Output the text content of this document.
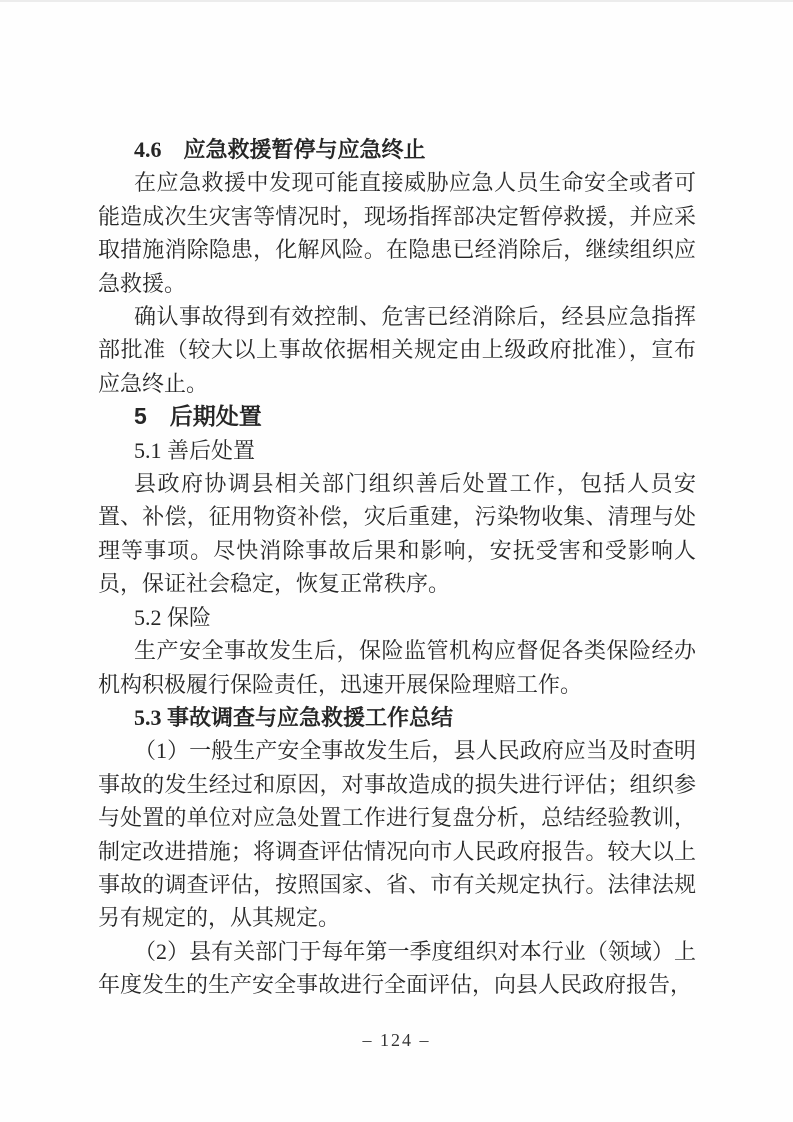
4.6　应急救援暂停与应急终止

在应急救援中发现可能直接威胁应急人员生命安全或者可能造成次生灾害等情况时，现场指挥部决定暂停救援，并应采取措施消除隐患，化解风险。在隐患已经消除后，继续组织应急救援。

确认事故得到有效控制、危害已经消除后，经县应急指挥部批准（较大以上事故依据相关规定由上级政府批准），宣布应急终止。

5　后期处置

5.1 善后处置

县政府协调县相关部门组织善后处置工作，包括人员安置、补偿，征用物资补偿，灾后重建，污染物收集、清理与处理等事项。尽快消除事故后果和影响，安抚受害和受影响人员，保证社会稳定，恢复正常秩序。

5.2 保险

生产安全事故发生后，保险监管机构应督促各类保险经办机构积极履行保险责任，迅速开展保险理赔工作。

5.3 事故调查与应急救援工作总结

（1）一般生产安全事故发生后，县人民政府应当及时查明事故的发生经过和原因，对事故造成的损失进行评估；组织参与处置的单位对应急处置工作进行复盘分析，总结经验教训，制定改进措施；将调查评估情况向市人民政府报告。较大以上事故的调查评估，按照国家、省、市有关规定执行。法律法规另有规定的，从其规定。

（2）县有关部门于每年第一季度组织对本行业（领域）上年度发生的生产安全事故进行全面评估，向县人民政府报告，

– 124 –
